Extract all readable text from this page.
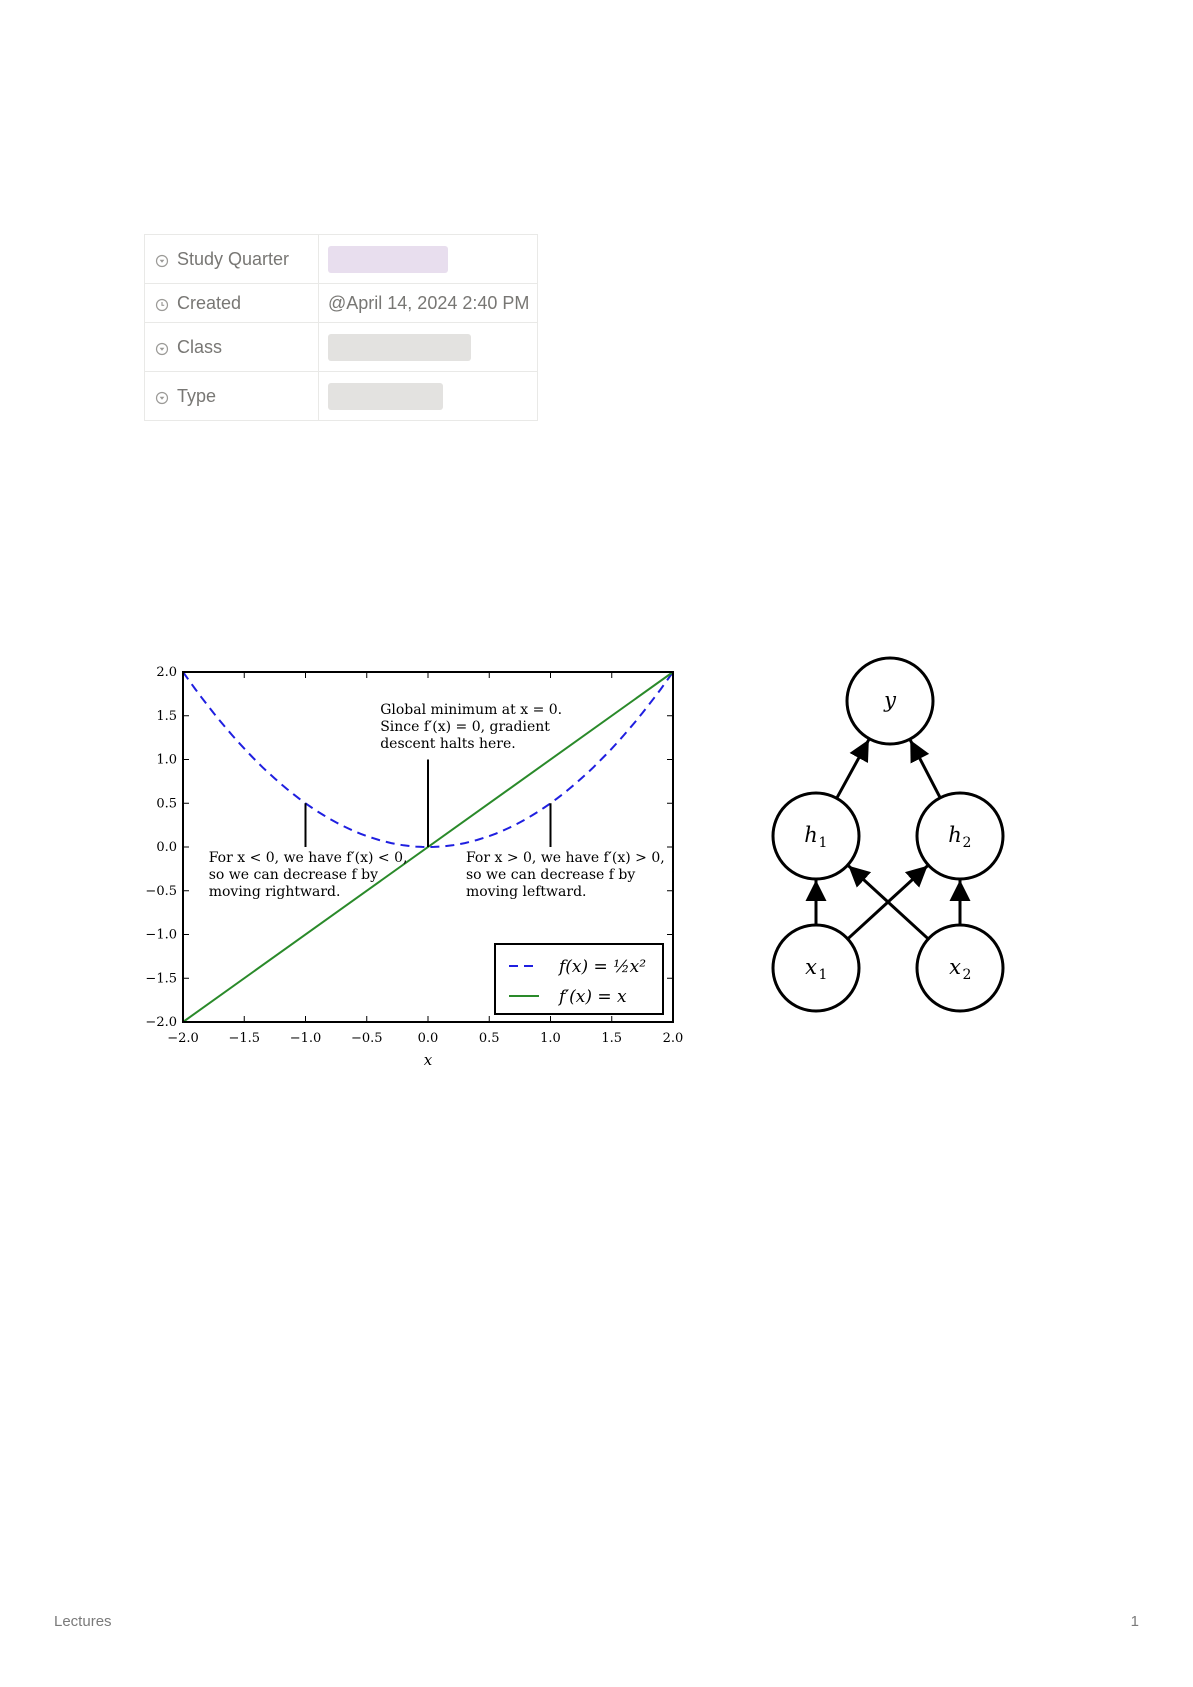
Study Quarter	
Created	@April 14, 2024 2:40 PM
Class	
Type	
−2.0 −1.5 −1.0 −0.5	0.0	0.5	1.0	1.5	2.0
2.0
1.5
1.0
0.5
0.0
−0.5
−1.0
−1.5
−2.0
x
Global minimum at x = 0. Since f′(x) = 0, gradient descent halts here.
For x < 0, we have f′(x) < 0, so we can decrease f by moving rightward.
For x > 0, we have f′(x) > 0, so we can decrease f by moving leftward.
f(x) = ½x²
f′(x) = x
y
h 1	h 2
x 1	x 2
Lectures	1
